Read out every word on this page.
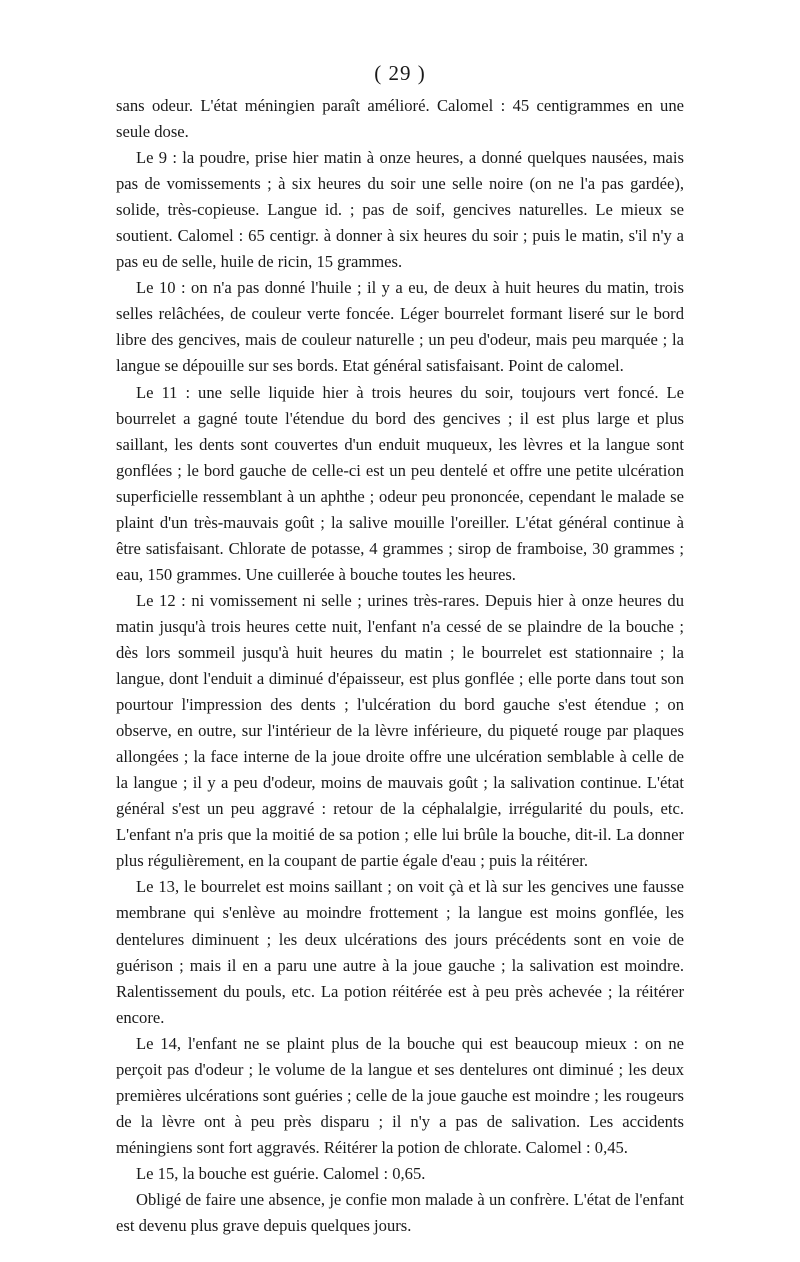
( 29 )

sans odeur. L'état méningien paraît amélioré. Calomel : 45 centigrammes en une seule dose.

Le 9 : la poudre, prise hier matin à onze heures, a donné quelques nausées, mais pas de vomissements ; à six heures du soir une selle noire (on ne l'a pas gardée), solide, très-copieuse. Langue id. ; pas de soif, gencives naturelles. Le mieux se soutient. Calomel : 65 centigr. à donner à six heures du soir ; puis le matin, s'il n'y a pas eu de selle, huile de ricin, 15 grammes.

Le 10 : on n'a pas donné l'huile ; il y a eu, de deux à huit heures du matin, trois selles relâchées, de couleur verte foncée. Léger bourrelet formant liseré sur le bord libre des gencives, mais de couleur naturelle ; un peu d'odeur, mais peu marquée ; la langue se dépouille sur ses bords. Etat général satisfaisant. Point de calomel.

Le 11 : une selle liquide hier à trois heures du soir, toujours vert foncé. Le bourrelet a gagné toute l'étendue du bord des gencives ; il est plus large et plus saillant, les dents sont couvertes d'un enduit muqueux, les lèvres et la langue sont gonflées ; le bord gauche de celle-ci est un peu dentelé et offre une petite ulcération superficielle ressemblant à un aphthe ; odeur peu prononcée, cependant le malade se plaint d'un très-mauvais goût ; la salive mouille l'oreiller. L'état général continue à être satisfaisant. Chlorate de potasse, 4 grammes ; sirop de framboise, 30 grammes ; eau, 150 grammes. Une cuillerée à bouche toutes les heures.

Le 12 : ni vomissement ni selle ; urines très-rares. Depuis hier à onze heures du matin jusqu'à trois heures cette nuit, l'enfant n'a cessé de se plaindre de la bouche ; dès lors sommeil jusqu'à huit heures du matin ; le bourrelet est stationnaire ; la langue, dont l'enduit a diminué d'épaisseur, est plus gonflée ; elle porte dans tout son pourtour l'impression des dents ; l'ulcération du bord gauche s'est étendue ; on observe, en outre, sur l'intérieur de la lèvre inférieure, du piqueté rouge par plaques allongées ; la face interne de la joue droite offre une ulcération semblable à celle de la langue ; il y a peu d'odeur, moins de mauvais goût ; la salivation continue. L'état général s'est un peu aggravé : retour de la céphalalgie, irrégularité du pouls, etc. L'enfant n'a pris que la moitié de sa potion ; elle lui brûle la bouche, dit-il. La donner plus régulièrement, en la coupant de partie égale d'eau ; puis la réitérer.

Le 13, le bourrelet est moins saillant ; on voit çà et là sur les gencives une fausse membrane qui s'enlève au moindre frottement ; la langue est moins gonflée, les dentelures diminuent ; les deux ulcérations des jours précédents sont en voie de guérison ; mais il en a paru une autre à la joue gauche ; la salivation est moindre. Ralentissement du pouls, etc. La potion réitérée est à peu près achevée ; la réitérer encore.

Le 14, l'enfant ne se plaint plus de la bouche qui est beaucoup mieux : on ne perçoit pas d'odeur ; le volume de la langue et ses dentelures ont diminué ; les deux premières ulcérations sont guéries ; celle de la joue gauche est moindre ; les rougeurs de la lèvre ont à peu près disparu ; il n'y a pas de salivation. Les accidents méningiens sont fort aggravés. Réitérer la potion de chlorate. Calomel : 0,45.

Le 15, la bouche est guérie. Calomel : 0,65.

Obligé de faire une absence, je confie mon malade à un confrère. L'état de l'enfant est devenu plus grave depuis quelques jours.
